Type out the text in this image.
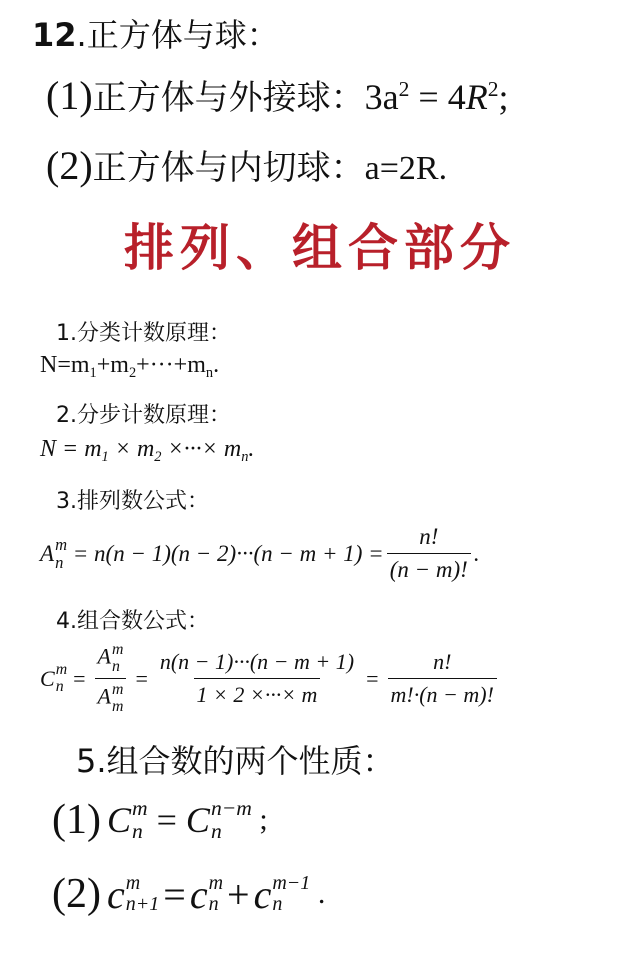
12.正方体与球：
(1)正方体与外接球：$3a^2 = 4R^2$;
(2)正方体与内切球：a=2R.
排列、组合部分
1.分类计数原理：
$N=m_1+m_2+\cdot\cdot\cdot+m_n$.
2.分步计数原理：
$N = m_1 \times m_2$ ×···× $m_n$.
3.排列数公式：
A m
$n = n(n - 1)(n - 2)\cdot\cdot\cdot(n - m + 1) = \frac{n!}{(n - m)!}$ .
4.组合数公式：
C m
n = A m
n
A m
$m = \frac{n(n - 1)\cdot\cdot\cdot(n - m + 1)}{1 \times 2 \times\cdot\cdot\cdot\times m} = \frac{n!}{m!\cdot(n - m)!}$
5.组合数的两个性质：
(1) C m
n = C n−m
n	;
(2) c m
n+1 = c m
n + c m−1
n .
